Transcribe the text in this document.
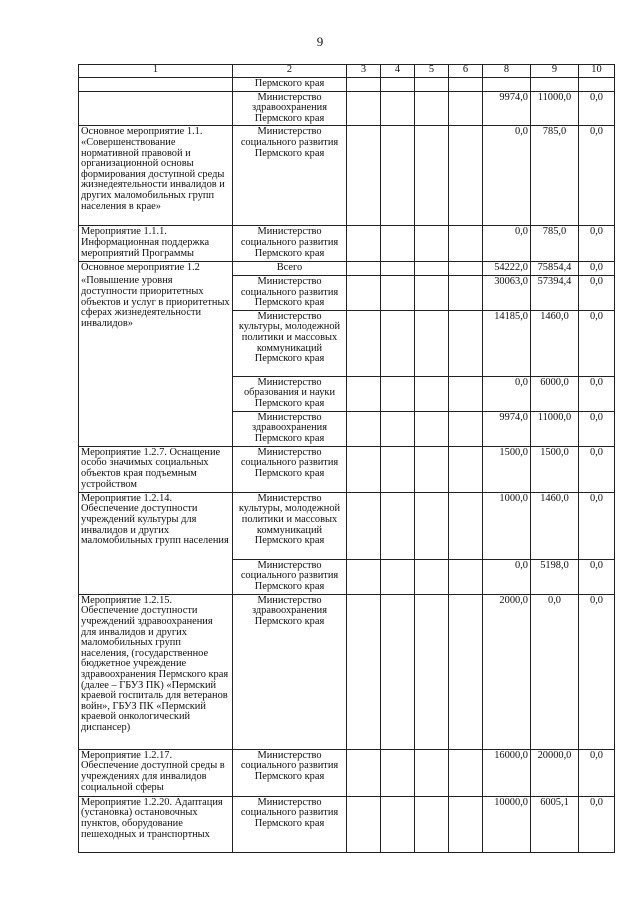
9
1	2	3	4	5	6	8	9	10
	Пермского края							
	Министерство здравоохранения Пермского края					9974,0	11000,0	0,0
Основное мероприятие 1.1. «Совершенствование нормативной правовой и организационной основы формирования доступной среды жизнедеятельности инвалидов и других маломобильных групп населения в крае»	Министерство социального развития Пермского края					0,0	785,0	0,0
Мероприятие 1.1.1. Информационная поддержка мероприятий Программы	Министерство социального развития Пермского края					0,0	785,0	0,0
Основное мероприятие 1.2	Всего					54222,0	75854,4	0,0
«Повышение уровня доступности приоритетных объектов и услуг в приоритетных сферах жизнедеятельности инвалидов»	Министерство социального развития Пермского края					30063,0	57394,4	0,0
	Министерство культуры, молодежной политики и массовых коммуникаций Пермского края					14185,0	1460,0	0,0
	Министерство образования и науки Пермского края					0,0	6000,0	0,0
	Министерство здравоохранения Пермского края					9974,0	11000,0	0,0
Мероприятие 1.2.7. Оснащение особо значимых социальных объектов края подъемным устройством	Министерство социального развития Пермского края					1500,0	1500,0	0,0
Мероприятие 1.2.14. Обеспечение доступности учреждений культуры для инвалидов и других маломобильных групп населения	Министерство культуры, молодежной политики и массовых коммуникаций Пермского края					1000,0	1460,0	0,0
	Министерство социального развития Пермского края					0,0	5198,0	0,0
Мероприятие 1.2.15. Обеспечение доступности учреждений здравоохранения для инвалидов и других маломобильных групп населения, (государственное бюджетное учреждение здравоохранения Пермского края (далее – ГБУЗ ПК) «Пермский краевой госпиталь для ветеранов войн», ГБУЗ ПК «Пермский краевой онкологический диспансер)	Министерство здравоохранения Пермского края					2000,0	0,0	0,0
Мероприятие 1.2.17. Обеспечение доступной среды в учреждениях для инвалидов социальной сферы	Министерство социального развития Пермского края					16000,0	20000,0	0,0
Мероприятие 1.2.20. Адаптация (установка) остановочных пунктов, оборудование пешеходных и транспортных	Министерство социального развития Пермского края					10000,0	6005,1	0,0
